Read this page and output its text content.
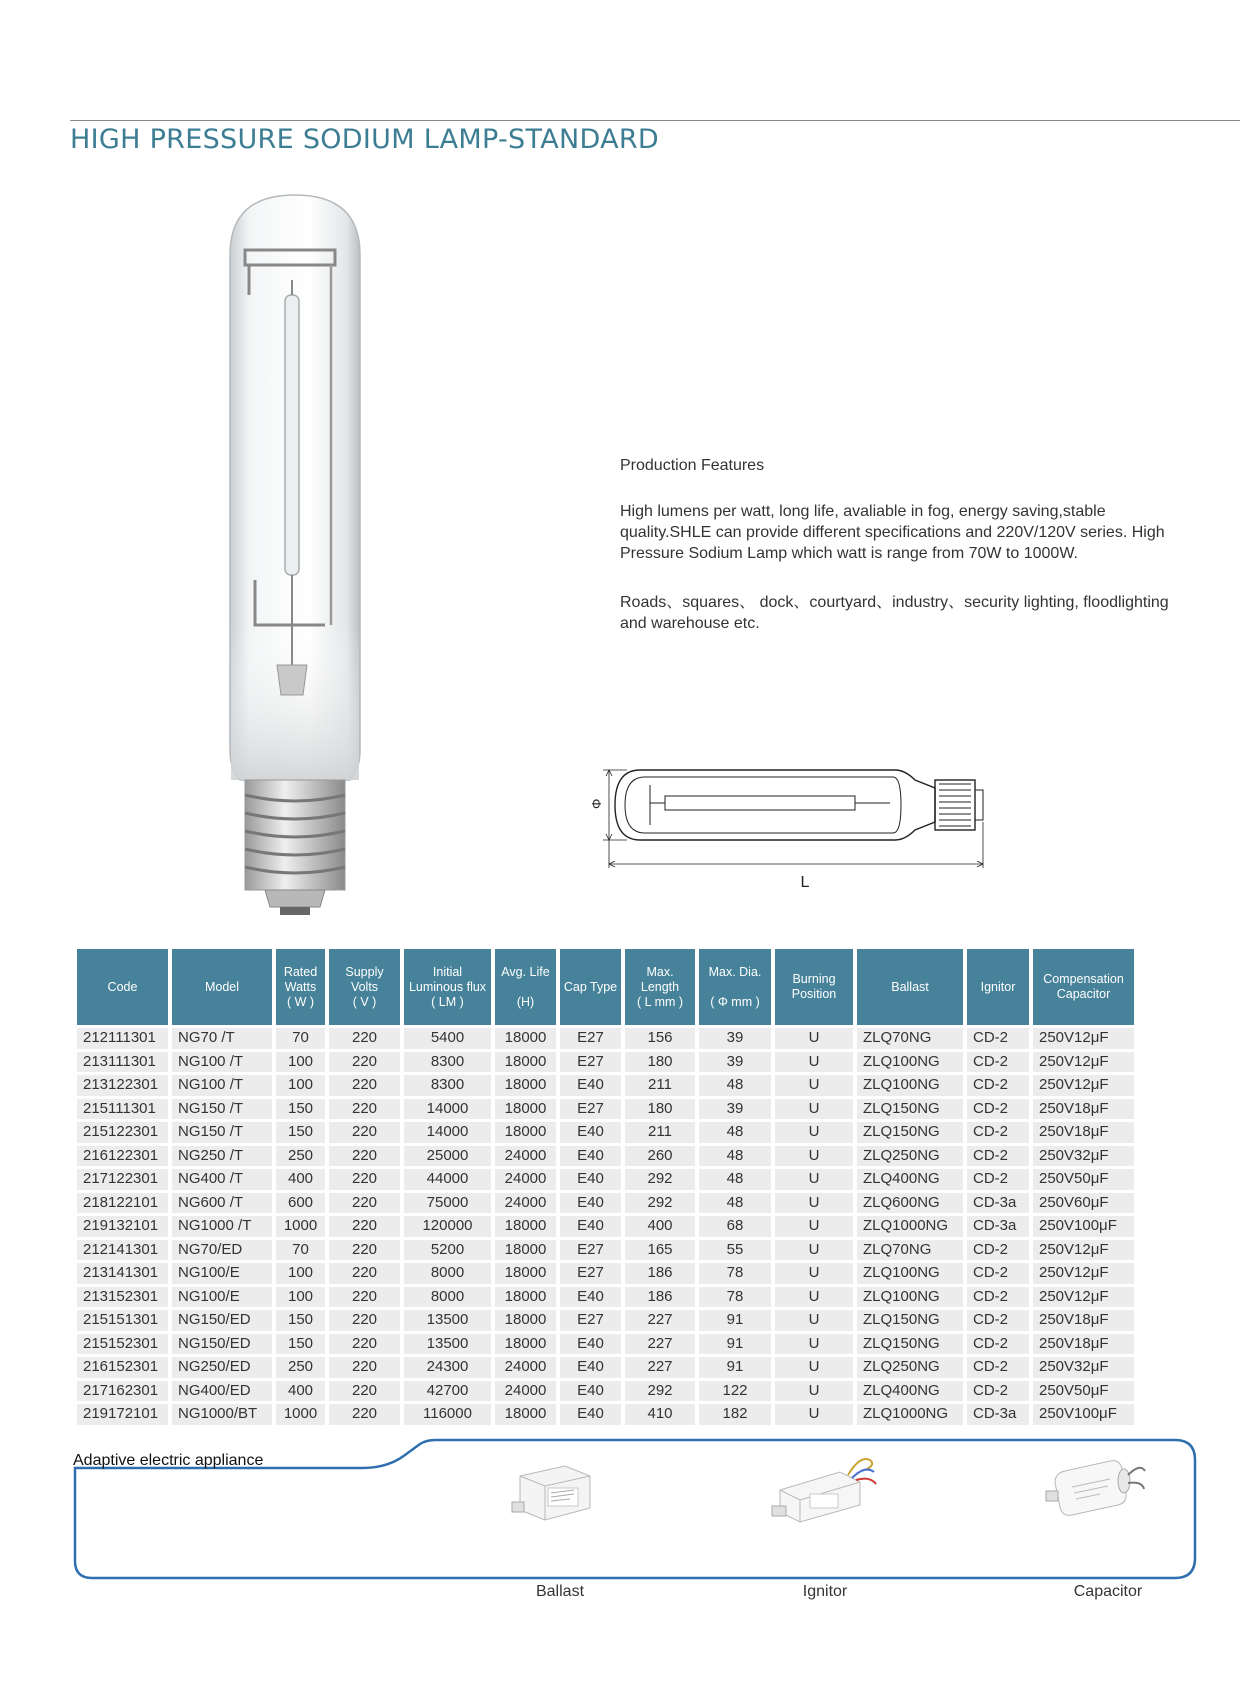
HIGH PRESSURE SODIUM LAMP-STANDARD
Production Features

High lumens per watt, long life, avaliable in fog, energy saving,stable quality.SHLE can provide different specifications and 220V/120V series. High Pressure Sodium Lamp which watt is range from 70W to 1000W.

Roads、squares、 dock、courtyard、industry、security lighting, floodlighting and warehouse etc.

Φ
L
Code	Model	Rated
Watts
( W )	Supply
Volts
( V )	Initial
Luminous flux
( LM )	Avg. Life

(H)	Cap Type	Max.
Length
( L mm )	Max. Dia.

( Φ mm )	Burning
Position	Ballast	Ignitor	Compensation
Capacitor

212111301	NG70 /T	70	220	5400	18000	E27	156	39	U	ZLQ70NG	CD-2	250V12μF
213111301	NG100 /T	100	220	8300	18000	E27	180	39	U	ZLQ100NG	CD-2	250V12μF
213122301	NG100 /T	100	220	8300	18000	E40	211	48	U	ZLQ100NG	CD-2	250V12μF
215111301	NG150 /T	150	220	14000	18000	E27	180	39	U	ZLQ150NG	CD-2	250V18μF
215122301	NG150 /T	150	220	14000	18000	E40	211	48	U	ZLQ150NG	CD-2	250V18μF
216122301	NG250 /T	250	220	25000	24000	E40	260	48	U	ZLQ250NG	CD-2	250V32μF
217122301	NG400 /T	400	220	44000	24000	E40	292	48	U	ZLQ400NG	CD-2	250V50μF
218122101	NG600 /T	600	220	75000	24000	E40	292	48	U	ZLQ600NG	CD-3a	250V60μF
219132101	NG1000 /T	1000	220	120000	18000	E40	400	68	U	ZLQ1000NG	CD-3a	250V100μF
212141301	NG70/ED	70	220	5200	18000	E27	165	55	U	ZLQ70NG	CD-2	250V12μF
213141301	NG100/E	100	220	8000	18000	E27	186	78	U	ZLQ100NG	CD-2	250V12μF
213152301	NG100/E	100	220	8000	18000	E40	186	78	U	ZLQ100NG	CD-2	250V12μF
215151301	NG150/ED	150	220	13500	18000	E27	227	91	U	ZLQ150NG	CD-2	250V18μF
215152301	NG150/ED	150	220	13500	18000	E40	227	91	U	ZLQ150NG	CD-2	250V18μF
216152301	NG250/ED	250	220	24300	24000	E40	227	91	U	ZLQ250NG	CD-2	250V32μF
217162301	NG400/ED	400	220	42700	24000	E40	292	122	U	ZLQ400NG	CD-2	250V50μF
219172101	NG1000/BT	1000	220	116000	18000	E40	410	182	U	ZLQ1000NG	CD-3a	250V100μF
Adaptive electric appliance
Ballast	Ignitor	Capacitor
